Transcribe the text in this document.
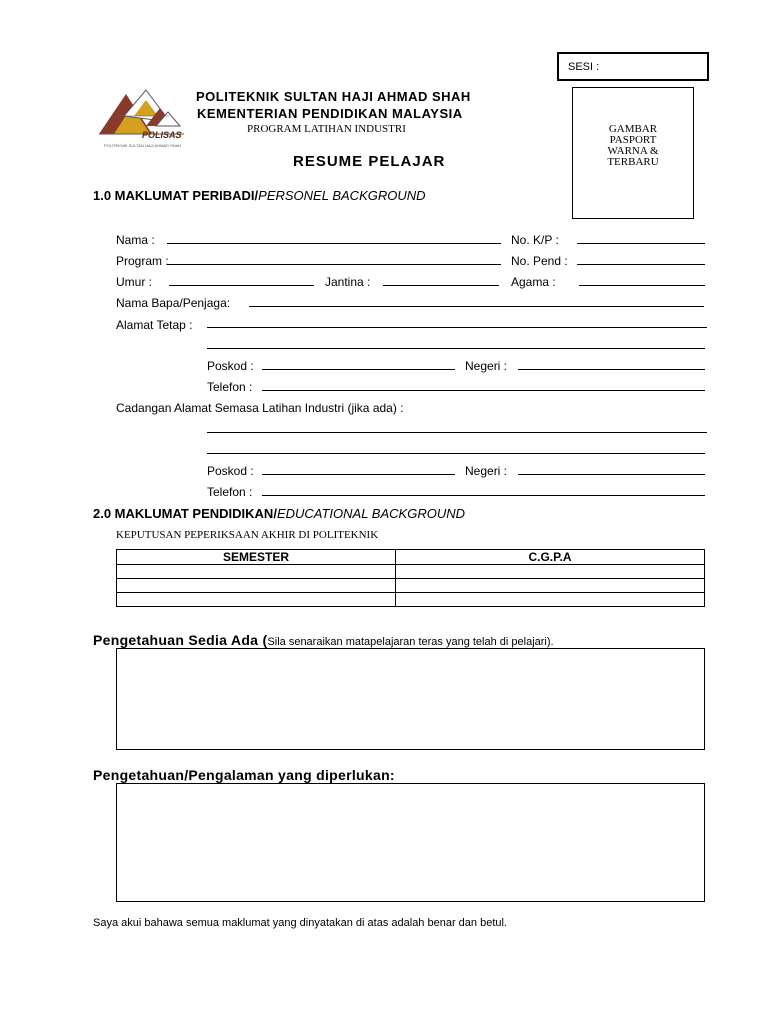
SESI :
POLISAS
POLITEKNIK SULTAN HAJI AHMAD SHAH
POLITEKNIK SULTAN HAJI AHMAD SHAH
KEMENTERIAN PENDIDIKAN MALAYSIA
PROGRAM LATIHAN INDUSTRI
RESUME PELAJAR
GAMBAR
PASPORT
WARNA &
TERBARU
1.0 MAKLUMAT PERIBADI/PERSONEL BACKGROUND
Nama :	No. K/P :
Program :	No. Pend :
Umur :	Jantina :	Agama :
Nama Bapa/Penjaga:
Alamat Tetap :
Poskod :	Negeri :
Telefon :
Cadangan Alamat Semasa Latihan Industri (jika ada) :
Poskod :	Negeri :
Telefon :
2.0 MAKLUMAT PENDIDIKAN/EDUCATIONAL BACKGROUND
KEPUTUSAN PEPERIKSAAN AKHIR DI POLITEKNIK
SEMESTER	C.G.P.A

Pengetahuan Sedia Ada (Sila senaraikan matapelajaran teras yang telah di pelajari).
Pengetahuan/Pengalaman yang diperlukan:
Saya akui bahawa semua maklumat yang dinyatakan di atas adalah benar dan betul.
